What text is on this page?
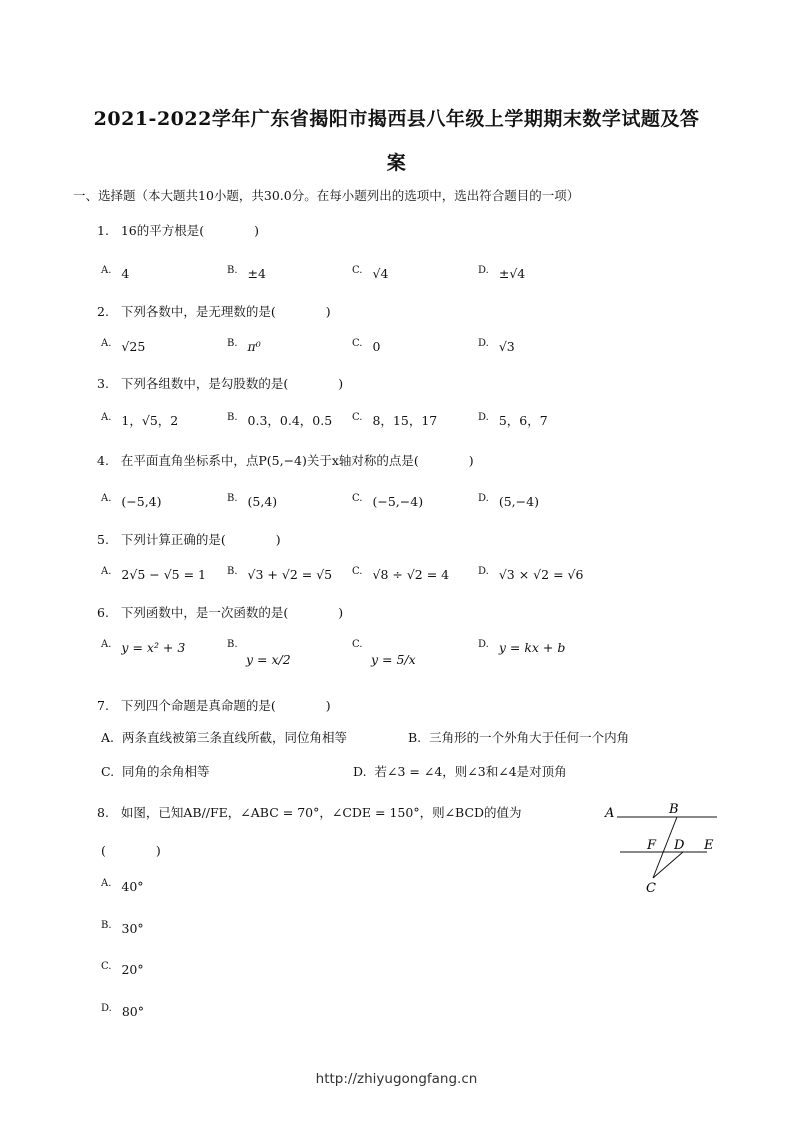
2021-2022学年广东省揭阳市揭西县八年级上学期期末数学试题及答
案
一、选择题（本大题共10小题，共30.0分。在每小题列出的选项中，选出符合题目的一项）
1. 16的平方根是(　　　　)
$^{A.}$ 4	$^{B.}$ ±4	$^{C.}$ √4	$^{D.}$ ±√4
2. 下列各数中，是无理数的是(　　　　)
$^{A.}$ √25	$^{B.}$ π⁰	$^{C.}$ 0	$^{D.}$ √3
3. 下列各组数中，是勾股数的是(　　　　)
$^{A.}$ 1，√5，2	$^{B.}$ 0.3，0.4，0.5 $^{C.}$ 8，15，17	$^{D.}$ 5，6，7
4. 在平面直角坐标系中，点P(5,−4)关于x轴对称的点是(　　　　)
$^{A.}$ (−5,4)	$^{B.}$ (5,4)	$^{C.}$ (−5,−4)	$^{D.}$ (5,−4)
5. 下列计算正确的是(　　　　)
$^{A.}$ 2√5 − √5 = 1 $^{B.}$ √3 + √2 = √5 $^{C.}$ √8 ÷ √2 = 4	$^{D.}$ √3 × √2 = √6
6. 下列函数中，是一次函数的是(　　　　)
$^{A.}$ y = x² + 3	$^{B.}$
y = x/2
$^{C.}$
y = 5/x
$^{D.}$ y = kx + b
7. 下列四个命题是真命题的是(　　　　)
A. 两条直线被第三条直线所截，同位角相等	B. 三角形的一个外角大于任何一个内角
C. 同角的余角相等	D. 若∠3 = ∠4，则∠3和∠4是对顶角
8. 如图，已知AB//FE，∠ABC = 70°，∠CDE = 150°，则∠BCD的值为
(　　　　)
$^{A.}$ 40°
$^{B.}$ 30°
$^{C.}$ 20°
$^{D.}$ 80°
A	B
F D E
C
http://zhiyugongfang.cn
